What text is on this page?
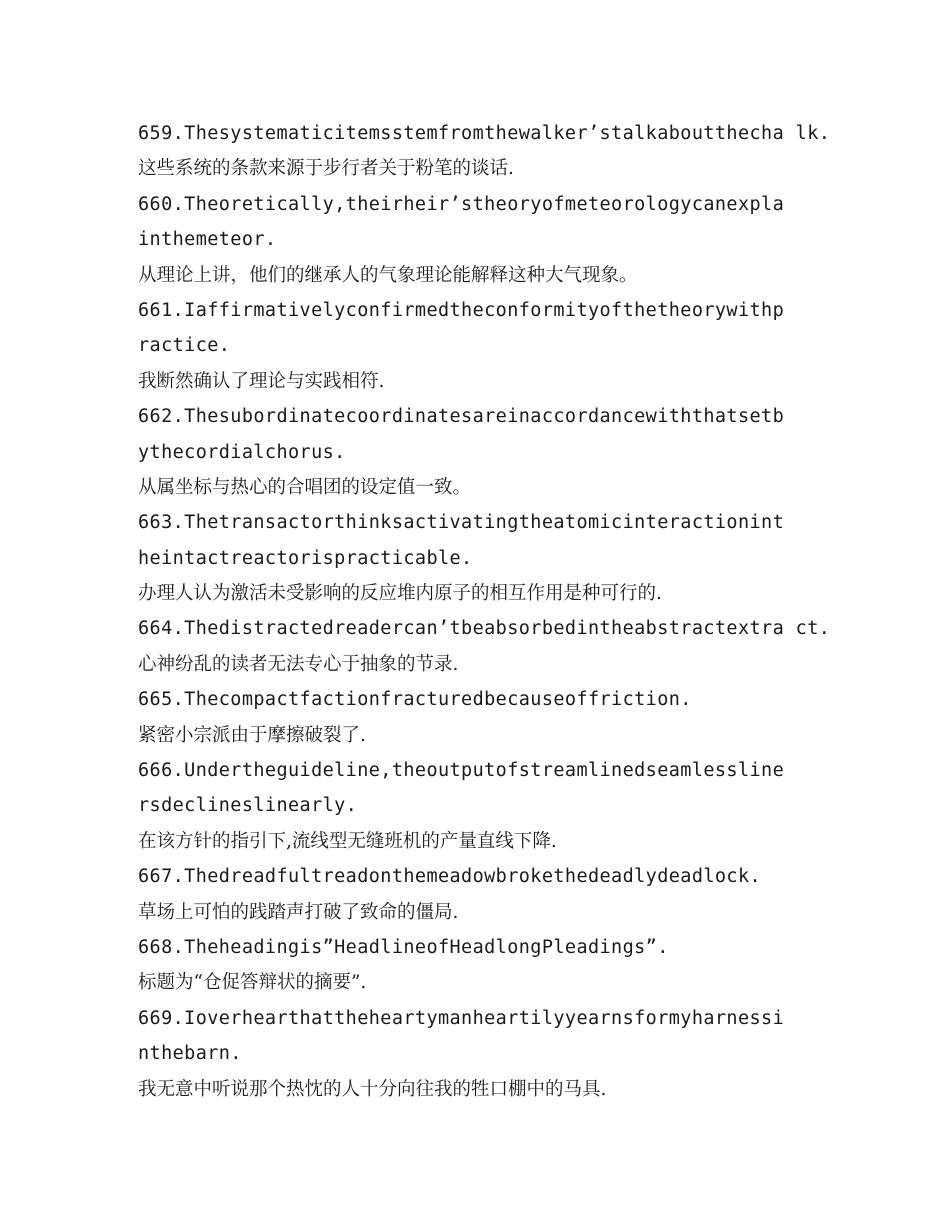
659.Thesystematicitemsstemfromthewalker’stalkaboutthecha lk.
这些系统的条款来源于步行者关于粉笔的谈话.
660.Theoretically,theirheir’stheoryofmeteorologycanexpla
inthemeteor.
从理论上讲，他们的继承人的气象理论能解释这种大气现象。
661.Iaffirmativelyconfirmedtheconformityofthetheorywithp
ractice.
我断然确认了理论与实践相符.
662.Thesubordinatecoordinatesareinaccordancewiththatsetb
ythecordialchorus.
从属坐标与热心的合唱团的设定值一致。
663.Thetransactorthinksactivatingtheatomicinteractionint
heintactreactorispracticable.
办理人认为激活未受影响的反应堆内原子的相互作用是种可行的.
664.Thedistractedreadercan’tbeabsorbedintheabstractextra ct.
心神纷乱的读者无法专心于抽象的节录.
665.Thecompactfactionfracturedbecauseoffriction.
紧密小宗派由于摩擦破裂了.
666.Undertheguideline,theoutputofstreamlinedseamlessline
rsdeclineslinearly.
在该方针的指引下,流线型无缝班机的产量直线下降.
667.Thedreadfultreadonthemeadowbrokethedeadlydeadlock.
草场上可怕的践踏声打破了致命的僵局.
668.Theheadingis”HeadlineofHeadlongPleadings”.
标题为“仓促答辩状的摘要”.
669.Ioverhearthattheheartymanheartilyyearnsformyharnessi
nthebarn.
我无意中听说那个热忱的人十分向往我的牲口棚中的马具.
